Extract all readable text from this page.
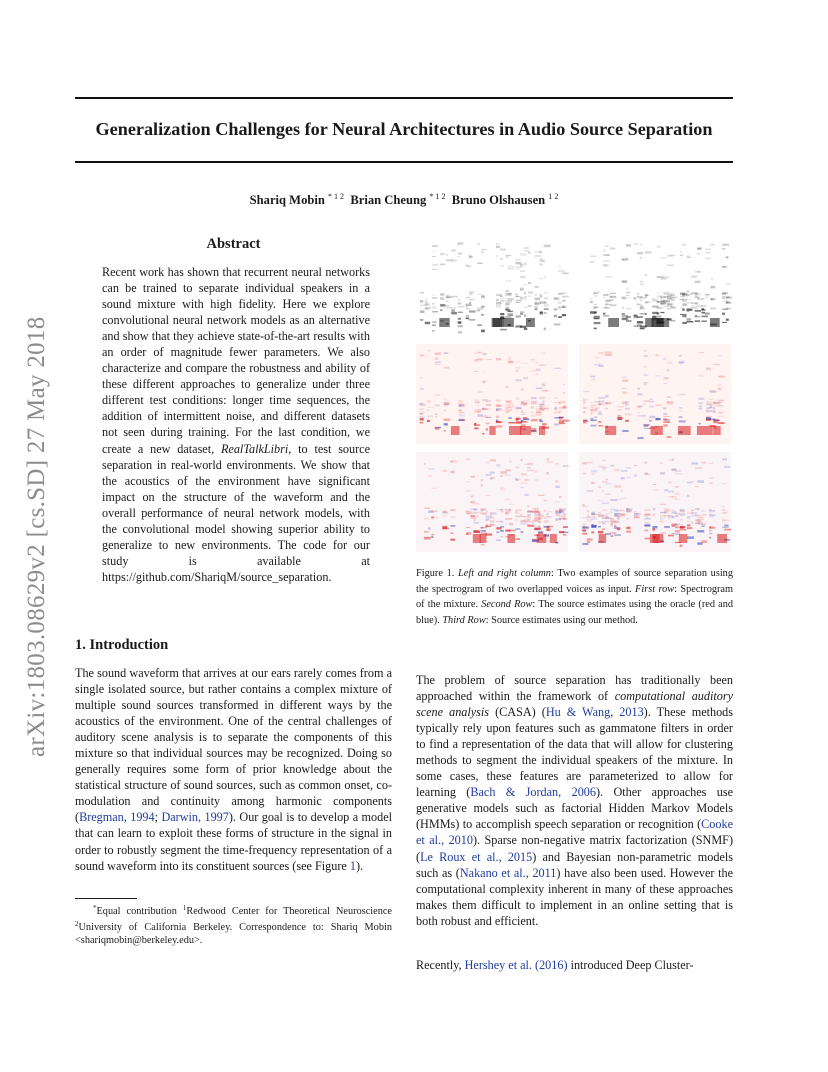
Generalization Challenges for Neural Architectures in Audio Source Separation
Shariq Mobin $^{* 1 2}$ Brian Cheung $^{* 1 2}$ Bruno Olshausen $^{1 2}$
arXiv:1803.08629v2 [cs.SD] 27 May 2018
Abstract
Recent work has shown that recurrent neural networks can be trained to separate individual speakers in a sound mixture with high fidelity. Here we explore convolutional neural network models as an alternative and show that they achieve state-of-the-art results with an order of magnitude fewer parameters. We also characterize and compare the robustness and ability of these different approaches to generalize under three different test conditions: longer time sequences, the addition of intermittent noise, and different datasets not seen during training. For the last condition, we create a new dataset, RealTalkLibri, to test source separation in real-world environments. We show that the acoustics of the environment have significant impact on the structure of the waveform and the overall performance of neural network models, with the convolutional model showing superior ability to generalize to new environments. The code for our study is available at https://github.com/ShariqM/source_separation.
1. Introduction
The sound waveform that arrives at our ears rarely comes from a single isolated source, but rather contains a complex mixture of multiple sound sources transformed in different ways by the acoustics of the environment. One of the central challenges of auditory scene analysis is to separate the components of this mixture so that individual sources may be recognized. Doing so generally requires some form of prior knowledge about the statistical structure of sound sources, such as common onset, co-modulation and continuity among harmonic components (Bregman, 1994; Darwin, 1997). Our goal is to develop a model that can learn to exploit these forms of structure in the signal in order to robustly segment the time-frequency representation of a sound waveform into its constituent sources (see Figure 1).
*Equal contribution $^1$Redwood Center for Theoretical Neuroscience $^2$University of California Berkeley. Correspondence to: Shariq Mobin <shariqmobin@berkeley.edu>.
Figure 1. Left and right column: Two examples of source separation using the spectrogram of two overlapped voices as input. First row: Spectrogram of the mixture. Second Row: The source estimates using the oracle (red and blue). Third Row: Source estimates using our method.
The problem of source separation has traditionally been approached within the framework of computational auditory scene analysis (CASA) (Hu & Wang, 2013). These methods typically rely upon features such as gammatone filters in order to find a representation of the data that will allow for clustering methods to segment the individual speakers of the mixture. In some cases, these features are parameterized to allow for learning (Bach & Jordan, 2006). Other approaches use generative models such as factorial Hidden Markov Models (HMMs) to accomplish speech separation or recognition (Cooke et al., 2010). Sparse non-negative matrix factorization (SNMF) (Le Roux et al., 2015) and Bayesian non-parametric models such as (Nakano et al., 2011) have also been used. However the computational complexity inherent in many of these approaches makes them difficult to implement in an online setting that is both robust and efficient.
Recently, Hershey et al. (2016) introduced Deep Cluster-
